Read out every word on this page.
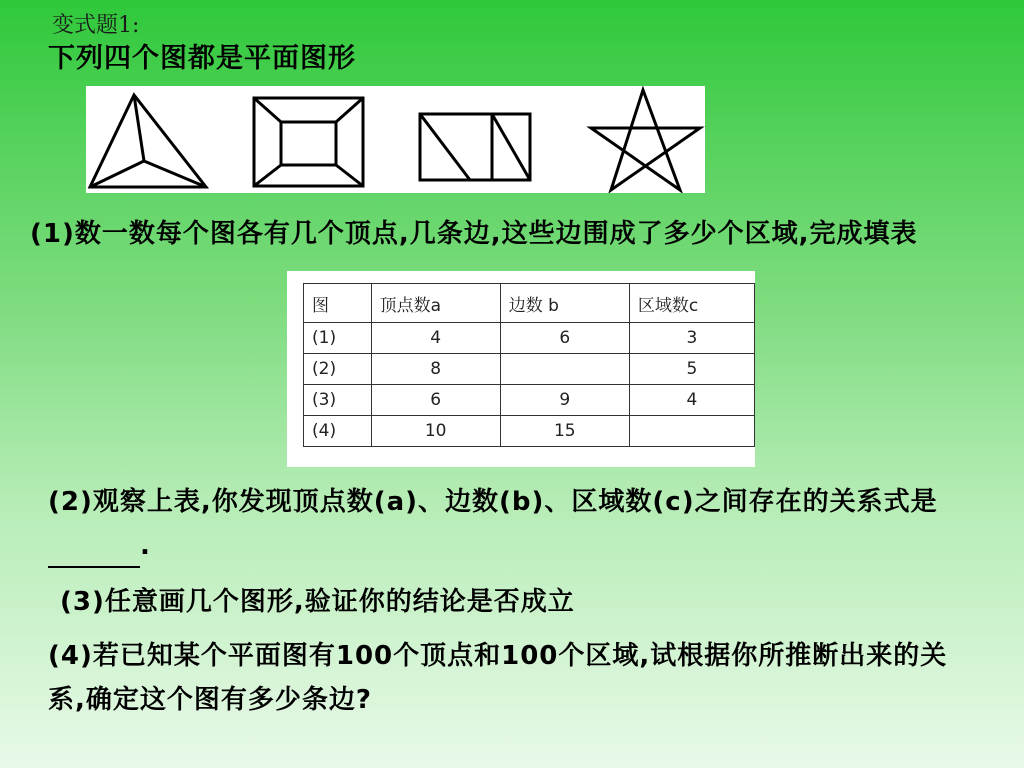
变式题1:
下列四个图都是平面图形
(1)数一数每个图各有几个顶点,几条边,这些边围成了多少个区域,完成填表
图	顶点数a	边数 b	区域数c
(1)	4	6	3
(2)	8		5
(3)	6	9	4
(4)	10	15	
(2)观察上表,你发现顶点数(a)、边数(b)、区域数(c)之间存在的关系式是.
(3)任意画几个图形,验证你的结论是否成立
(4)若已知某个平面图有100个顶点和100个区域,试根据你所推断出来的关系,确定这个图有多少条边?
